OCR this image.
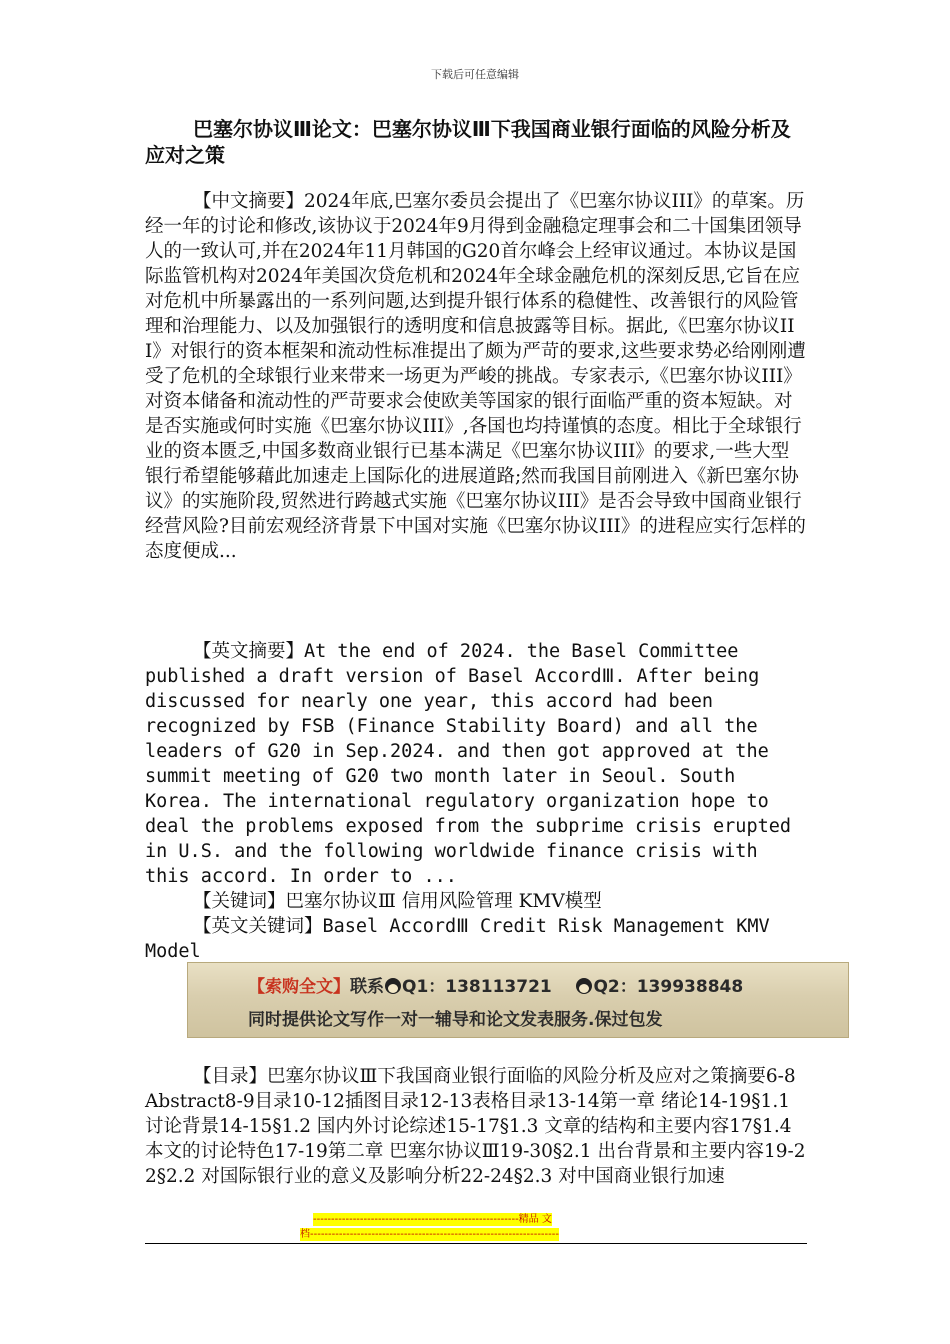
下载后可任意编辑
巴塞尔协议Ⅲ论文：巴塞尔协议Ⅲ下我国商业银行面临的风险分析及应对之策
【中文摘要】2024年底,巴塞尔委员会提出了《巴塞尔协议III》的草案。历经一年的讨论和修改,该协议于2024年9月得到金融稳定理事会和二十国集团领导人的一致认可,并在2024年11月韩国的G20首尔峰会上经审议通过。本协议是国际监管机构对2024年美国次贷危机和2024年全球金融危机的深刻反思,它旨在应对危机中所暴露出的一系列问题,达到提升银行体系的稳健性、改善银行的风险管理和治理能力、以及加强银行的透明度和信息披露等目标。据此,《巴塞尔协议III》对银行的资本框架和流动性标准提出了颇为严苛的要求,这些要求势必给刚刚遭受了危机的全球银行业来带来一场更为严峻的挑战。专家表示,《巴塞尔协议III》对资本储备和流动性的严苛要求会使欧美等国家的银行面临严重的资本短缺。对是否实施或何时实施《巴塞尔协议III》,各国也均持谨慎的态度。相比于全球银行业的资本匮乏,中国多数商业银行已基本满足《巴塞尔协议III》的要求,一些大型银行希望能够藉此加速走上国际化的进展道路;然而我国目前刚进入《新巴塞尔协议》的实施阶段,贸然进行跨越式实施《巴塞尔协议III》是否会导致中国商业银行经营风险?目前宏观经济背景下中国对实施《巴塞尔协议III》的进程应实行怎样的态度便成...
【英文摘要】At the end of 2024. the Basel Committee published a draft version of Basel AccordⅢ. After being discussed for nearly one year, this accord had been recognized by FSB (Finance Stability Board) and all the leaders of G20 in Sep.2024. and then got approved at the summit meeting of G20 two month later in Seoul. South Korea. The international regulatory organization hope to deal the problems exposed from the subprime crisis erupted in U.S. and the following worldwide finance crisis with this accord. In order to ...
【关键词】巴塞尔协议Ⅲ 信用风险管理 KMV模型
【英文关键词】Basel AccordⅢ Credit Risk Management KMV Model
【索购全文】联系 Q1：138113721 Q2：139938848
同时提供论文写作一对一辅导和论文发表服务.保过包发
【目录】巴塞尔协议Ⅲ下我国商业银行面临的风险分析及应对之策摘要6-8Abstract8-9目录10-12插图目录12-13表格目录13-14第一章 绪论14-19§1.1 讨论背景14-15§1.2 国内外讨论综述15-17§1.3 文章的结构和主要内容17§1.4 本文的讨论特色17-19第二章 巴塞尔协议Ⅲ19-30§2.1 出台背景和主要内容19-22§2.2 对国际银行业的意义及影响分析22-24§2.3 对中国商业银行加速
---------------------------------------------------------精品 文
档---------------------------------------------------------------------
